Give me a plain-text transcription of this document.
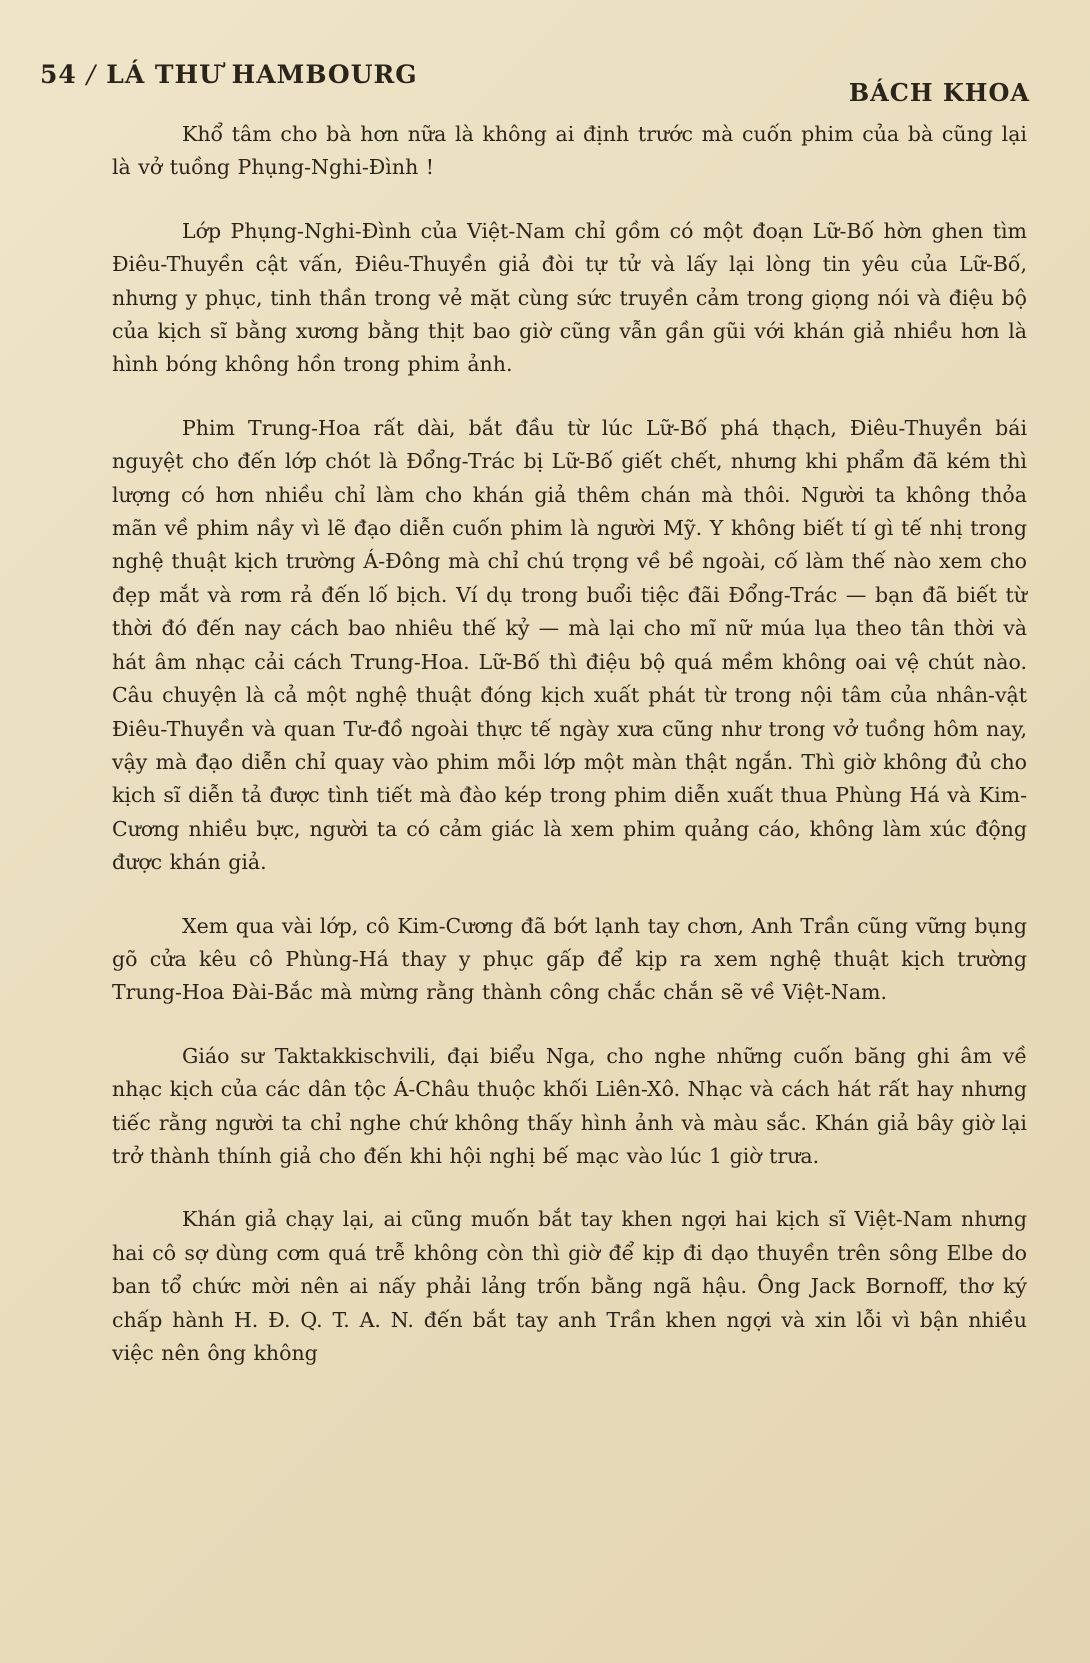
54 / LÁ THƯ HAMBOURG
BÁCH KHOA

Khổ tâm cho bà hơn nữa là không ai định trước mà cuốn phim của bà cũng lại là vở tuồng Phụng-Nghi-Đình !

Lớp Phụng-Nghi-Đình của Việt-Nam chỉ gồm có một đoạn Lữ-Bố hờn ghen tìm Điêu-Thuyền cật vấn, Điêu-Thuyền giả đòi tự tử và lấy lại lòng tin yêu của Lữ-Bố, nhưng y phục, tinh thần trong vẻ mặt cùng sức truyền cảm trong giọng nói và điệu bộ của kịch sĩ bằng xương bằng thịt bao giờ cũng vẫn gần gũi với khán giả nhiều hơn là hình bóng không hồn trong phim ảnh.

Phim Trung-Hoa rất dài, bắt đầu từ lúc Lữ-Bố phá thạch, Điêu-Thuyền bái nguyệt cho đến lớp chót là Đổng-Trác bị Lữ-Bố giết chết, nhưng khi phẩm đã kém thì lượng có hơn nhiều chỉ làm cho khán giả thêm chán mà thôi. Người ta không thỏa mãn về phim nầy vì lẽ đạo diễn cuốn phim là người Mỹ. Y không biết tí gì tế nhị trong nghệ thuật kịch trường Á-Đông mà chỉ chú trọng về bề ngoài, cố làm thế nào xem cho đẹp mắt và rơm rả đến lố bịch. Ví dụ trong buổi tiệc đãi Đổng-Trác — bạn đã biết từ thời đó đến nay cách bao nhiêu thế kỷ — mà lại cho mĩ nữ múa lụa theo tân thời và hát âm nhạc cải cách Trung-Hoa. Lữ-Bố thì điệu bộ quá mềm không oai vệ chút nào. Câu chuyện là cả một nghệ thuật đóng kịch xuất phát từ trong nội tâm của nhân-vật Điêu-Thuyền và quan Tư-đồ ngoài thực tế ngày xưa cũng như trong vở tuồng hôm nay, vậy mà đạo diễn chỉ quay vào phim mỗi lớp một màn thật ngắn. Thì giờ không đủ cho kịch sĩ diễn tả được tình tiết mà đào kép trong phim diễn xuất thua Phùng Há và Kim-Cương nhiều bực, người ta có cảm giác là xem phim quảng cáo, không làm xúc động được khán giả.

Xem qua vài lớp, cô Kim-Cương đã bớt lạnh tay chơn, Anh Trần cũng vững bụng gõ cửa kêu cô Phùng-Há thay y phục gấp để kịp ra xem nghệ thuật kịch trường Trung-Hoa Đài-Bắc mà mừng rằng thành công chắc chắn sẽ về Việt-Nam.

Giáo sư Taktakkischvili, đại biểu Nga, cho nghe những cuốn băng ghi âm về nhạc kịch của các dân tộc Á-Châu thuộc khối Liên-Xô. Nhạc và cách hát rất hay nhưng tiếc rằng người ta chỉ nghe chứ không thấy hình ảnh và màu sắc. Khán giả bây giờ lại trở thành thính giả cho đến khi hội nghị bế mạc vào lúc 1 giờ trưa.

Khán giả chạy lại, ai cũng muốn bắt tay khen ngợi hai kịch sĩ Việt-Nam nhưng hai cô sợ dùng cơm quá trễ không còn thì giờ để kịp đi dạo thuyền trên sông Elbe do ban tổ chức mời nên ai nấy phải lảng trốn bằng ngã hậu. Ông Jack Bornoff, thơ ký chấp hành H. Đ. Q. T. A. N. đến bắt tay anh Trần khen ngợi và xin lỗi vì bận nhiều việc nên ông không
